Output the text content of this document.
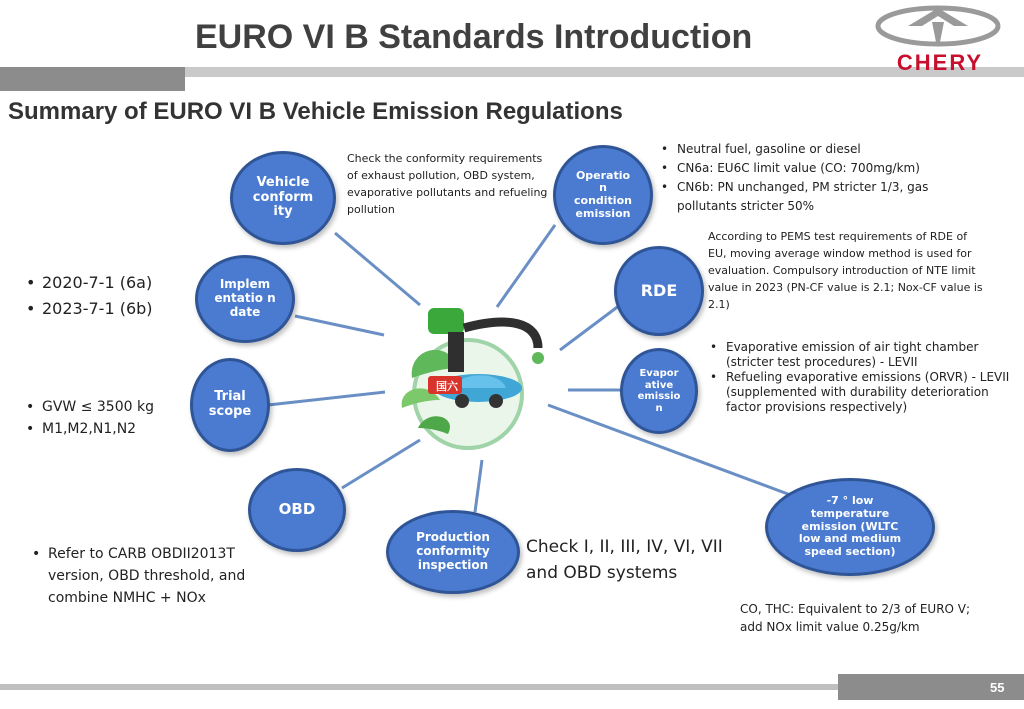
EURO VI B Standards Introduction
Summary of EURO VI B Vehicle Emission Regulations
CHERY
国六
Vehicle conform ity
Implem entatio n date
Trial scope
OBD
Production conformity inspection
Operatio n condition emission
RDE
Evapor ative emissio n
-7 ° low temperature emission (WLTC low and medium speed section)
Check the conformity requirements of exhaust pollution, OBD system, evaporative pollutants and refueling pollution
• 2020-7-1 (6a)
• 2023-7-1 (6b)
• GVW ≤ 3500 kg
• M1,M2,N1,N2
• Refer to CARB OBDII2013T version, OBD threshold, and combine NMHC + NOx
Check I, II, III, IV, VI, VII and OBD systems
• Neutral fuel, gasoline or diesel
• CN6a: EU6C limit value (CO: 700mg/km)
• CN6b: PN unchanged, PM stricter 1/3, gas pollutants stricter 50%
According to PEMS test requirements of RDE of EU, moving average window method is used for evaluation. Compulsory introduction of NTE limit value in 2023 (PN-CF value is 2.1; Nox-CF value is 2.1)
• Evaporative emission of air tight chamber (stricter test procedures) - LEVII
• Refueling evaporative emissions (ORVR) - LEVII (supplemented with durability deterioration factor provisions respectively)
CO, THC: Equivalent to 2/3 of EURO V; add NOx limit value 0.25g/km
55
